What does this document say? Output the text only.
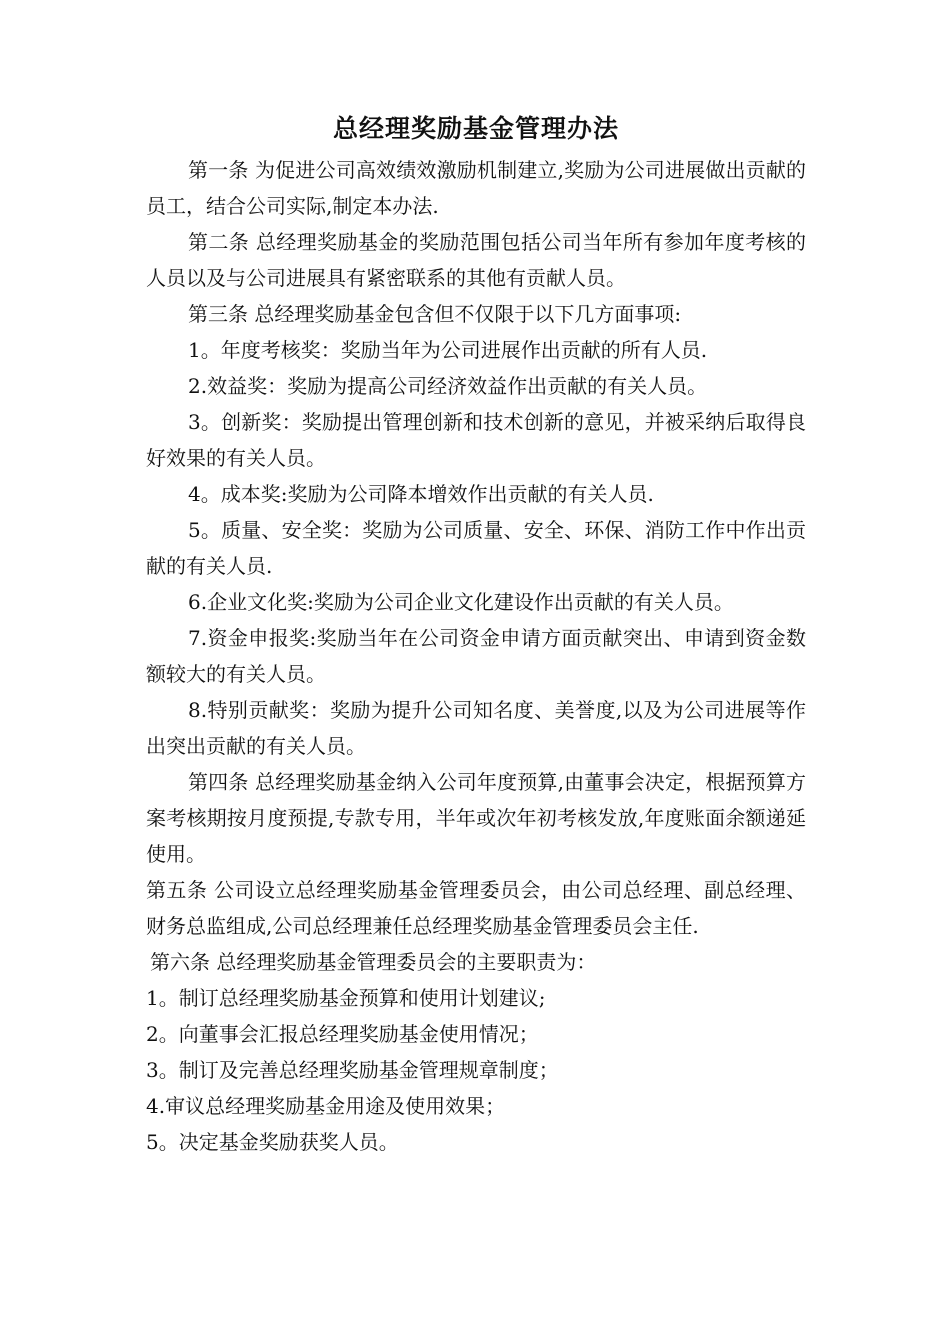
总经理奖励基金管理办法

第一条 为促进公司高效绩效激励机制建立,奖励为公司进展做出贡献的员工，结合公司实际,制定本办法.

第二条 总经理奖励基金的奖励范围包括公司当年所有参加年度考核的人员以及与公司进展具有紧密联系的其他有贡献人员。

第三条 总经理奖励基金包含但不仅限于以下几方面事项:

1。年度考核奖：奖励当年为公司进展作出贡献的所有人员.

2.效益奖：奖励为提高公司经济效益作出贡献的有关人员。

3。创新奖：奖励提出管理创新和技术创新的意见，并被采纳后取得良好效果的有关人员。

4。成本奖:奖励为公司降本增效作出贡献的有关人员.

5。质量、安全奖：奖励为公司质量、安全、环保、消防工作中作出贡献的有关人员.

6.企业文化奖:奖励为公司企业文化建设作出贡献的有关人员。

7.资金申报奖:奖励当年在公司资金申请方面贡献突出、申请到资金数额较大的有关人员。

8.特别贡献奖：奖励为提升公司知名度、美誉度,以及为公司进展等作出突出贡献的有关人员。

第四条 总经理奖励基金纳入公司年度预算,由董事会决定，根据预算方案考核期按月度预提,专款专用，半年或次年初考核发放,年度账面余额递延使用。

第五条 公司设立总经理奖励基金管理委员会，由公司总经理、副总经理、财务总监组成,公司总经理兼任总经理奖励基金管理委员会主任.

第六条 总经理奖励基金管理委员会的主要职责为：

1。制订总经理奖励基金预算和使用计划建议;

2。向董事会汇报总经理奖励基金使用情况；

3。制订及完善总经理奖励基金管理规章制度；

4.审议总经理奖励基金用途及使用效果；

5。决定基金奖励获奖人员。
